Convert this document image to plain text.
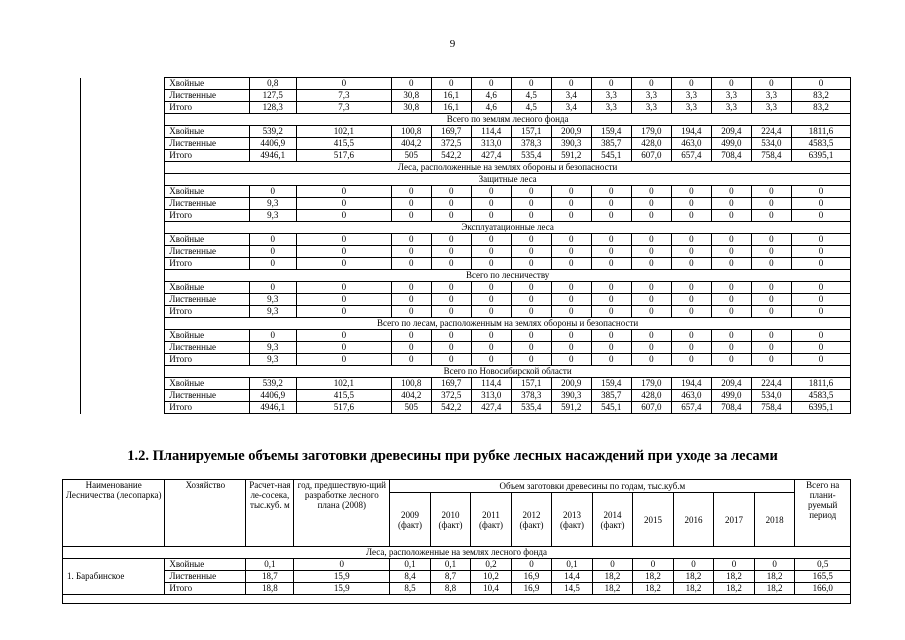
9
	Хвойные	0,8	0	0	0	0	0	0	0	0	0	0	0	0
	Лиственные	127,5	7,3	30,8	16,1	4,6	4,5	3,4	3,3	3,3	3,3	3,3	3,3	83,2
	Итого	128,3	7,3	30,8	16,1	4,6	4,5	3,4	3,3	3,3	3,3	3,3	3,3	83,2
	Всего по землям лесного фонда													
	Хвойные	539,2	102,1	100,8	169,7	114,4	157,1	200,9	159,4	179,0	194,4	209,4	224,4	1811,6
	Лиственные	4406,9	415,5	404,2	372,5	313,0	378,3	390,3	385,7	428,0	463,0	499,0	534,0	4583,5
	Итого	4946,1	517,6	505	542,2	427,4	535,4	591,2	545,1	607,0	657,4	708,4	758,4	6395,1
	Леса, расположенные на землях обороны и безопасности													
	Защитные леса													
	Хвойные	0	0	0	0	0	0	0	0	0	0	0	0	0
	Лиственные	9,3	0	0	0	0	0	0	0	0	0	0	0	0
	Итого	9,3	0	0	0	0	0	0	0	0	0	0	0	0
	Эксплуатационные леса													
	Хвойные	0	0	0	0	0	0	0	0	0	0	0	0	0
	Лиственные	0	0	0	0	0	0	0	0	0	0	0	0	0
	Итого	0	0	0	0	0	0	0	0	0	0	0	0	0
	Всего по лесничеству													
	Хвойные	0	0	0	0	0	0	0	0	0	0	0	0	0
	Лиственные	9,3	0	0	0	0	0	0	0	0	0	0	0	0
	Итого	9,3	0	0	0	0	0	0	0	0	0	0	0	0
	Всего по лесам, расположенным на землях обороны и безопасности													
	Хвойные	0	0	0	0	0	0	0	0	0	0	0	0	0
	Лиственные	9,3	0	0	0	0	0	0	0	0	0	0	0	0
	Итого	9,3	0	0	0	0	0	0	0	0	0	0	0	0
	Всего по Новосибирской области													
	Хвойные	539,2	102,1	100,8	169,7	114,4	157,1	200,9	159,4	179,0	194,4	209,4	224,4	1811,6
	Лиственные	4406,9	415,5	404,2	372,5	313,0	378,3	390,3	385,7	428,0	463,0	499,0	534,0	4583,5
	Итого	4946,1	517,6	505	542,2	427,4	535,4	591,2	545,1	607,0	657,4	708,4	758,4	6395,1
1.2. Планируемые объемы заготовки древесины при рубке лесных насаждений при уходе за лесами
Наименование Лесничества (лесопарка)	Хозяйство	Расчет-ная ле-сосека, тыс.куб. м	год, предшествую-щий разработке лесного плана (2008)	Объем заготовки древесины по годам, тыс.куб.м										Всего на плани-руемый период
				2009 (факт)	2010 (факт)	2011 (факт)	2012 (факт)	2013 (факт)	2014 (факт)	2015	2016	2017	2018	
Леса, расположенные на землях лесного фонда														
1. Барабинское	Хвойные	0,1	0	0,1	0,1	0,2	0	0,1	0	0	0	0	0	0,5
	Лиственные	18,7	15,9	8,4	8,7	10,2	16,9	14,4	18,2	18,2	18,2	18,2	18,2	165,5
	Итого	18,8	15,9	8,5	8,8	10,4	16,9	14,5	18,2	18,2	18,2	18,2	18,2	166,0
